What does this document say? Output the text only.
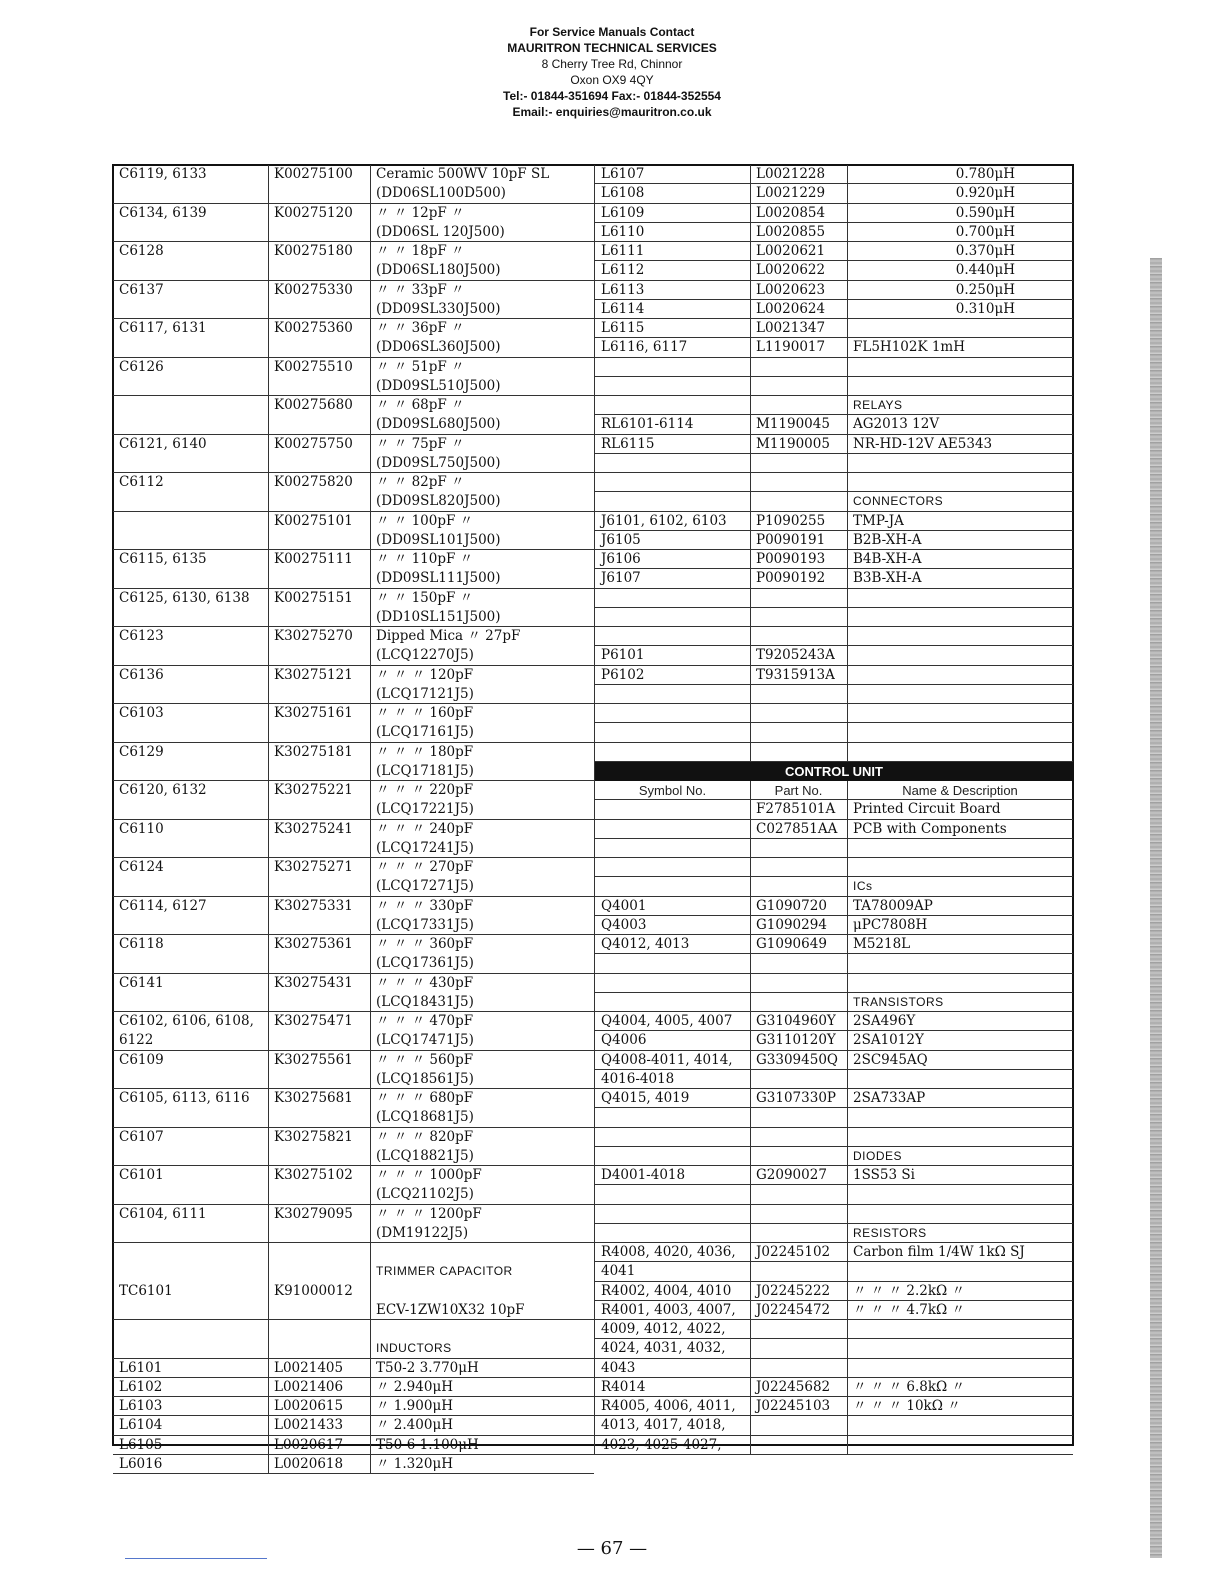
For Service Manuals Contact
MAURITRON TECHNICAL SERVICES
8 Cherry Tree Rd, Chinnor
Oxon OX9 4QY
Tel:- 01844-351694 Fax:- 01844-352554
Email:- enquiries@mauritron.co.uk
C6119, 6133	K00275100	Ceramic 500WV 10pF SL
(DD06SL100D500)
C6134, 6139	K00275120	〃 〃 12pF 〃
(DD06SL 120J500)
C6128	K00275180	〃 〃 18pF 〃
(DD06SL180J500)
C6137	K00275330	〃 〃 33pF 〃
(DD09SL330J500)
C6117, 6131	K00275360	〃 〃 36pF 〃
(DD06SL360J500)
C6126	K00275510	〃 〃 51pF 〃
(DD09SL510J500)
K00275680	〃 〃 68pF 〃
(DD09SL680J500)
C6121, 6140	K00275750	〃 〃 75pF 〃
(DD09SL750J500)
C6112	K00275820	〃 〃 82pF 〃
(DD09SL820J500)
K00275101	〃 〃 100pF 〃
(DD09SL101J500)
C6115, 6135	K00275111	〃 〃 110pF 〃
(DD09SL111J500)
C6125, 6130, 6138	K00275151	〃 〃 150pF 〃
(DD10SL151J500)
C6123	K30275270	Dipped Mica 〃 27pF
(LCQ12270J5)
C6136	K30275121	〃 〃 〃 120pF
(LCQ17121J5)
C6103	K30275161	〃 〃 〃 160pF
(LCQ17161J5)
C6129	K30275181	〃 〃 〃 180pF
(LCQ17181J5)
C6120, 6132	K30275221	〃 〃 〃 220pF
(LCQ17221J5)
C6110	K30275241	〃 〃 〃 240pF
(LCQ17241J5)
C6124	K30275271	〃 〃 〃 270pF
(LCQ17271J5)
C6114, 6127	K30275331	〃 〃 〃 330pF
(LCQ17331J5)
C6118	K30275361	〃 〃 〃 360pF
(LCQ17361J5)
C6141	K30275431	〃 〃 〃 430pF
(LCQ18431J5)
C6102, 6106, 6108,
6122
K30275471	〃 〃 〃 470pF
(LCQ17471J5)
C6109	K30275561	〃 〃 〃 560pF
(LCQ18561J5)
C6105, 6113, 6116	K30275681	〃 〃 〃 680pF
(LCQ18681J5)
C6107	K30275821	〃 〃 〃 820pF
(LCQ18821J5)
C6101	K30275102	〃 〃 〃 1000pF
(LCQ21102J5)
C6104, 6111	K30279095	〃 〃 〃 1200pF
(DM19122J5)
TRIMMER CAPACITOR
TC6101	K91000012
ECV-1ZW10X32 10pF
INDUCTORS
L6101	L0021405	T50-2 3.770μH
L6102	L0021406	〃 2.940μH
L6103	L0020615	〃 1.900μH
L6104	L0021433	〃 2.400μH
L6105	L0020617	T50-6 1.100μH
L6016	L0020618	〃 1.320μH
L6107	L0021228	0.780μH
L6108	L0021229	0.920μH
L6109	L0020854	0.590μH
L6110	L0020855	0.700μH
L6111	L0020621	0.370μH
L6112	L0020622	0.440μH
L6113	L0020623	0.250μH
L6114	L0020624	0.310μH
L6115	L0021347
L6116, 6117	L1190017	FL5H102K 1mH
RELAYS
RL6101-6114	M1190045	AG2013 12V
RL6115	M1190005	NR-HD-12V AE5343
CONNECTORS
J6101, 6102, 6103	P1090255	TMP-JA
J6105	P0090191	B2B-XH-A
J6106	P0090193	B4B-XH-A
J6107	P0090192	B3B-XH-A
P6101	T9205243A
P6102	T9315913A
CONTROL UNIT
Symbol No.	Part No.	Name & Description
F2785101A	Printed Circuit Board
C027851AA	PCB with Components
ICs
Q4001	G1090720	TA78009AP
Q4003	G1090294	μPC7808H
Q4012, 4013	G1090649	M5218L
TRANSISTORS
Q4004, 4005, 4007	G3104960Y	2SA496Y
Q4006	G3110120Y	2SA1012Y
Q4008-4011, 4014,	G3309450Q	2SC945AQ
4016-4018
Q4015, 4019	G3107330P	2SA733AP
DIODES
D4001-4018	G2090027	1SS53 Si
RESISTORS
R4008, 4020, 4036,	J02245102	Carbon film 1/4W 1kΩ SJ
4041
R4002, 4004, 4010	J02245222	〃 〃 〃 2.2kΩ 〃
R4001, 4003, 4007,	J02245472	〃 〃 〃 4.7kΩ 〃
4009, 4012, 4022,
4024, 4031, 4032,
4043
R4014	J02245682	〃 〃 〃 6.8kΩ 〃
R4005, 4006, 4011,	J02245103	〃 〃 〃 10kΩ 〃
4013, 4017, 4018,
4023, 4025-4027,
— 67 —
